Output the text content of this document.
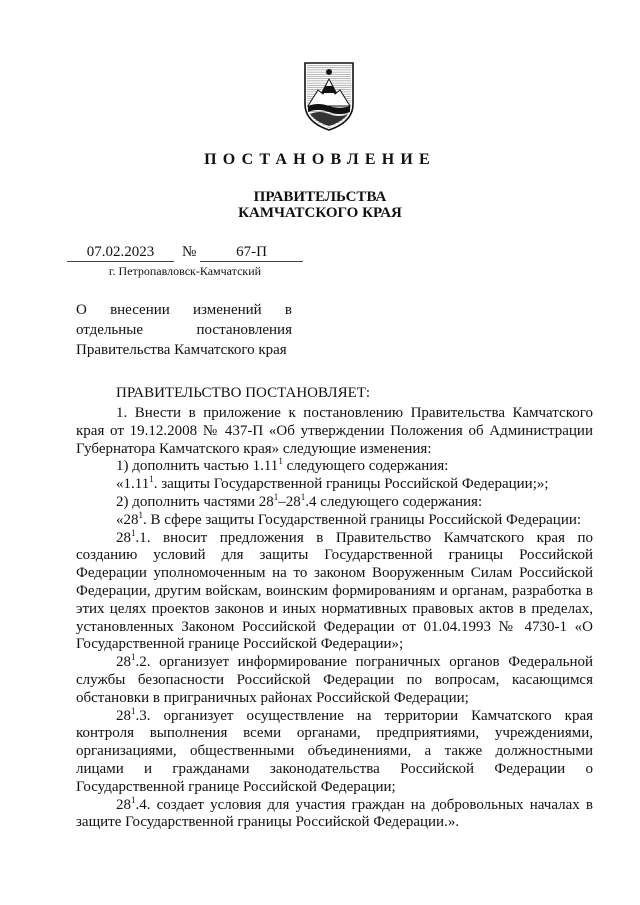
ПОСТАНОВЛЕНИЕ
ПРАВИТЕЛЬСТВА
КАМЧАТСКОГО КРАЯ
07.02.2023	№	67-П
г. Петропавловск-Камчатский
О внесении изменений в
отдельные постановления
Правительства Камчатского края
ПРАВИТЕЛЬСТВО ПОСТАНОВЛЯЕТ:

1. Внести в приложение к постановлению Правительства Камчатского края от 19.12.2008 № 437-П «Об утверждении Положения об Администрации Губернатора Камчатского края» следующие изменения:

1) дополнить частью 1.11$^1$ следующего содержания:

«1.11$^1$. защиты Государственной границы Российской Федерации;»;

2) дополнить частями $28^1-28^1.4$ следующего содержания:

«$28^1$. В сфере защиты Государственной границы Российской Федерации:

$28^1.1$. вносит предложения в Правительство Камчатского края по созданию условий для защиты Государственной границы Российской Федерации уполномоченным на то законом Вооруженным Силам Российской Федерации, другим войскам, воинским формированиям и органам, разработка в этих целях проектов законов и иных нормативных правовых актов в пределах, установленных Законом Российской Федерации от 01.04.1993 № 4730-1 «О Государственной границе Российской Федерации»;

$28^1.2$. организует информирование пограничных органов Федеральной службы безопасности Российской Федерации по вопросам, касающимся обстановки в приграничных районах Российской Федерации;

$28^1.3$. организует осуществление на территории Камчатского края контроля выполнения всеми органами, предприятиями, учреждениями, организациями, общественными объединениями, а также должностными лицами и гражданами законодательства Российской Федерации о Государственной границе Российской Федерации;

$28^1.4$. создает условия для участия граждан на добровольных началах в защите Государственной границы Российской Федерации.».
